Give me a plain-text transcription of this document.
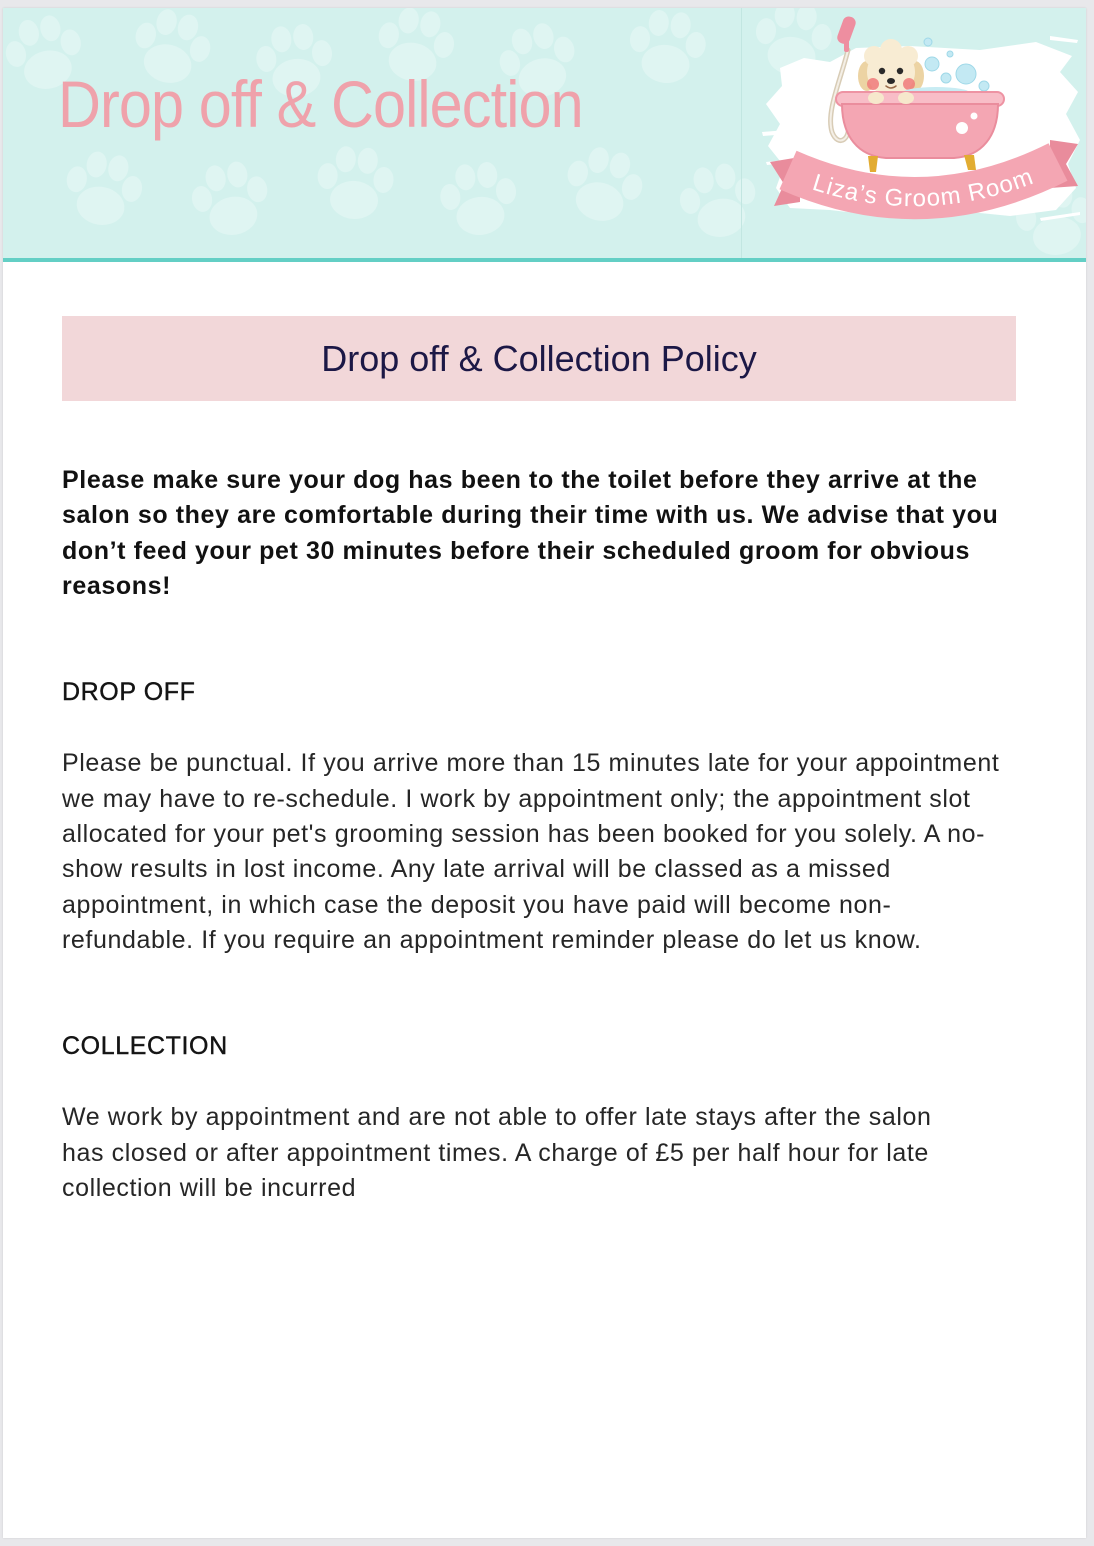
Drop off & Collection
Liza’s Groom Room
Drop off & Collection Policy

Please make sure your dog has been to the toilet before they arrive at the
salon so they are comfortable during their time with us. We advise that you
don’t feed your pet 30 minutes before their scheduled groom for obvious
reasons!

DROP OFF

Please be punctual. If you arrive more than 15 minutes late for your appointment
we may have to re-schedule. I work by appointment only; the appointment slot
allocated for your pet's grooming session has been booked for you solely. A no-
show results in lost income. Any late arrival will be classed as a missed
appointment, in which case the deposit you have paid will become non-
refundable. If you require an appointment reminder please do let us know.

COLLECTION

We work by appointment and are not able to offer late stays after the salon
has closed or after appointment times. A charge of £5 per half hour for late
collection will be incurred
